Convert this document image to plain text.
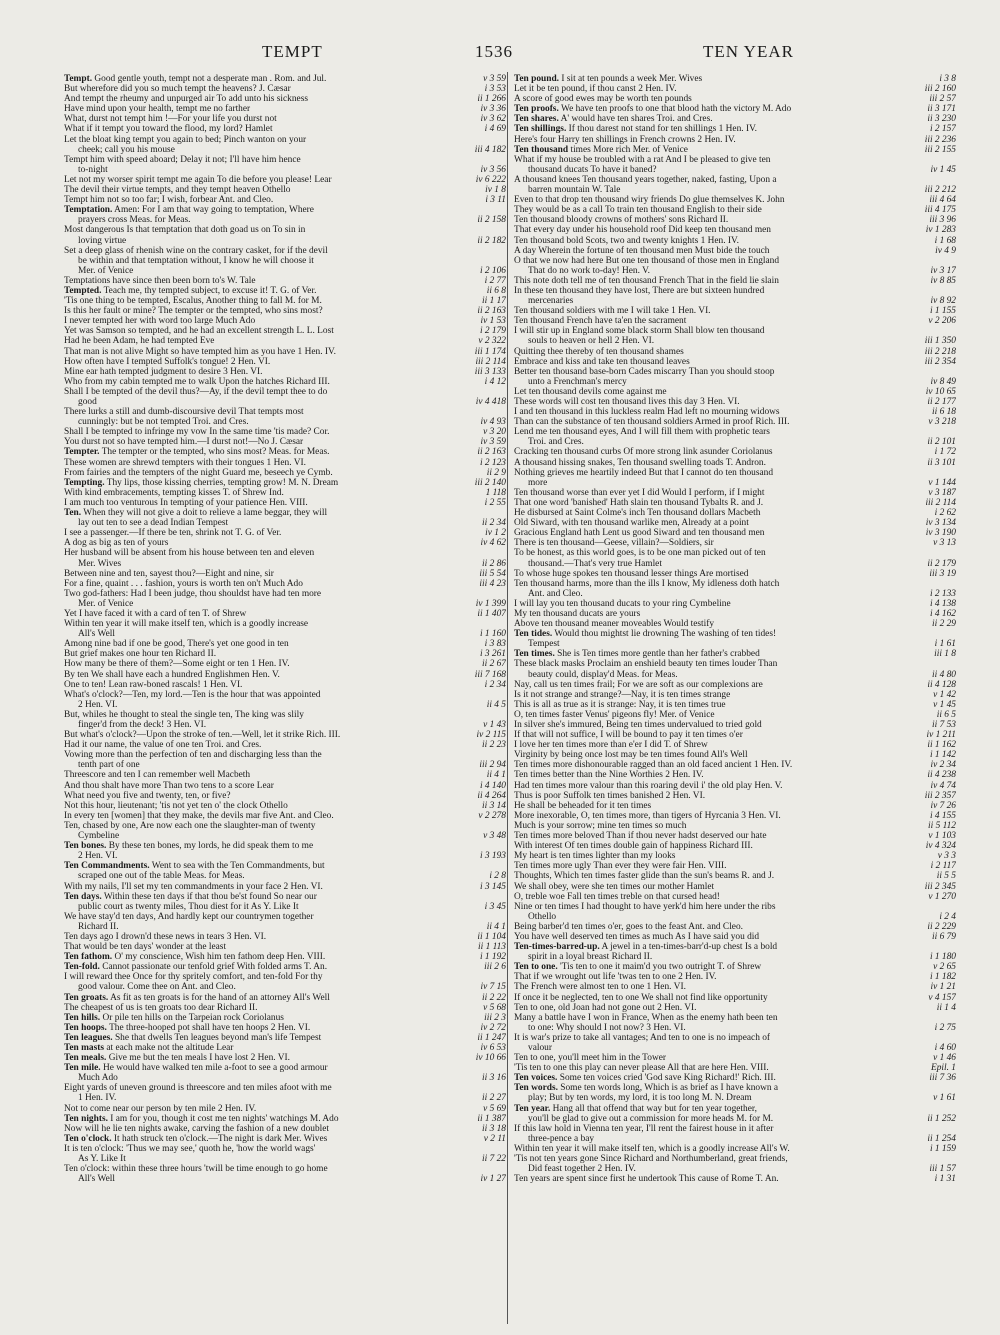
TEMPT	1536	TEN YEAR
Tempt. Good gentle youth, tempt not a desperate man . Rom. and Jul.	v 3 59
But wherefore did you so much tempt the heavens? J. Cæsar	i 3 53
And tempt the rheumy and unpurged air To add unto his sickness	ii 1 266
Have mind upon your health, tempt me no farther	iv 3 36
What, durst not tempt him !—For your life you durst not	iv 3 62
What if it tempt you toward the flood, my lord? Hamlet	i 4 69
Let the bloat king tempt you again to bed; Pinch wanton on your
cheek; call you his mouse	iii 4 182
Tempt him with speed aboard; Delay it not; I'll have him hence
to-night	iv 3 56
Let not my worser spirit tempt me again To die before you please! Lear	iv 6 222
The devil their virtue tempts, and they tempt heaven Othello	iv 1 8
Tempt him not so too far; I wish, forbear Ant. and Cleo.	i 3 11
Temptation. Amen: For I am that way going to temptation, Where
prayers cross Meas. for Meas.	ii 2 158
Most dangerous Is that temptation that doth goad us on To sin in
loving virtue	ii 2 182
Set a deep glass of rhenish wine on the contrary casket, for if the devil
be within and that temptation without, I know he will choose it
Mer. of Venice	i 2 106
Temptations have since then been born to's W. Tale	i 2 77
Tempted. Teach me, thy tempted subject, to excuse it! T. G. of Ver.	ii 6 8
'Tis one thing to be tempted, Escalus, Another thing to fall M. for M.	ii 1 17
Is this her fault or mine? The tempter or the tempted, who sins most?	ii 2 163
I never tempted her with word too large Much Ado	iv 1 53
Yet was Samson so tempted, and he had an excellent strength L. L. Lost	i 2 179
Had he been Adam, he had tempted Eve	v 2 322
That man is not alive Might so have tempted him as you have 1 Hen. IV.	iii 1 174
How often have I tempted Suffolk's tongue! 2 Hen. VI.	iii 2 114
Mine ear hath tempted judgment to desire 3 Hen. VI.	iii 3 133
Who from my cabin tempted me to walk Upon the hatches Richard III.	i 4 12
Shall I be tempted of the devil thus?—Ay, if the devil tempt thee to do
good	iv 4 418
There lurks a still and dumb-discoursive devil That tempts most
cunningly: but be not tempted Troi. and Cres.	iv 4 93
Shall I be tempted to infringe my vow In the same time 'tis made? Cor.	v 3 20
You durst not so have tempted him.—I durst not!—No J. Cæsar	iv 3 59
Tempter. The tempter or the tempted, who sins most? Meas. for Meas.	ii 2 163
These women are shrewd tempters with their tongues 1 Hen. VI.	i 2 123
From fairies and the tempters of the night Guard me, beseech ye Cymb.	ii 2 9
Tempting. Thy lips, those kissing cherries, tempting grow! M. N. Dream	iii 2 140
With kind embracements, tempting kisses T. of Shrew Ind.	1 118
I am much too venturous In tempting of your patience Hen. VIII.	i 2 55
Ten. When they will not give a doit to relieve a lame beggar, they will
lay out ten to see a dead Indian Tempest	ii 2 34
I see a passenger.—If there be ten, shrink not T. G. of Ver.	iv 1 2
A dog as big as ten of yours	iv 4 62
Her husband will be absent from his house between ten and eleven
Mer. Wives	ii 2 86
Between nine and ten, sayest thou?—Eight and nine, sir	iii 5 54
For a fine, quaint . . . fashion, yours is worth ten on't Much Ado	iii 4 23
Two god-fathers: Had I been judge, thou shouldst have had ten more
Mer. of Venice	iv 1 399
Yet I have faced it with a card of ten T. of Shrew	ii 1 407
Within ten year it will make itself ten, which is a goodly increase
All's Well	i 1 160
Among nine bad if one be good, There's yet one good in ten	i 3 83
But grief makes one hour ten Richard II.	i 3 261
How many be there of them?—Some eight or ten 1 Hen. IV.	ii 2 67
By ten We shall have each a hundred Englishmen Hen. V.	iii 7 168
One to ten! Lean raw-boned rascals! 1 Hen. VI.	i 2 34
What's o'clock?—Ten, my lord.—Ten is the hour that was appointed
2 Hen. VI.	ii 4 5
But, whiles he thought to steal the single ten, The king was slily
finger'd from the deck! 3 Hen. VI.	v 1 43
But what's o'clock?—Upon the stroke of ten.—Well, let it strike Rich. III.	iv 2 115
Had it our name, the value of one ten Troi. and Cres.	ii 2 23
Vowing more than the perfection of ten and discharging less than the
tenth part of one	iii 2 94
Threescore and ten I can remember well Macbeth	ii 4 1
And thou shalt have more Than two tens to a score Lear	i 4 140
What need you five and twenty, ten, or five?	ii 4 264
Not this hour, lieutenant; 'tis not yet ten o' the clock Othello	ii 3 14
In every ten [women] that they make, the devils mar five Ant. and Cleo.	v 2 278
Ten, chased by one, Are now each one the slaughter-man of twenty
Cymbeline	v 3 48
Ten bones. By these ten bones, my lords, he did speak them to me
2 Hen. VI.	i 3 193
Ten Commandments. Went to sea with the Ten Commandments, but
scraped one out of the table Meas. for Meas.	i 2 8
With my nails, I'll set my ten commandments in your face 2 Hen. VI.	i 3 145
Ten days. Within these ten days if that thou be'st found So near our
public court as twenty miles, Thou diest for it As Y. Like It	i 3 45
We have stay'd ten days, And hardly kept our countrymen together
Richard II.	ii 4 1
Ten days ago I drown'd these news in tears 3 Hen. VI.	ii 1 104
That would be ten days' wonder at the least	ii 1 113
Ten fathom. O' my conscience, Wish him ten fathom deep Hen. VIII.	i 1 192
Ten-fold. Cannot passionate our tenfold grief With folded arms T. An.	iii 2 6
I will reward thee Once for thy spritely comfort, and ten-fold For thy
good valour. Come thee on Ant. and Cleo.	iv 7 15
Ten groats. As fit as ten groats is for the hand of an attorney All's Well	ii 2 22
The cheapest of us is ten groats too dear Richard II.	v 5 68
Ten hills. Or pile ten hills on the Tarpeian rock Coriolanus	iii 2 3
Ten hoops. The three-hooped pot shall have ten hoops 2 Hen. VI.	iv 2 72
Ten leagues. She that dwells Ten leagues beyond man's life Tempest	ii 1 247
Ten masts at each make not the altitude Lear	iv 6 53
Ten meals. Give me but the ten meals I have lost 2 Hen. VI.	iv 10 66
Ten mile. He would have walked ten mile a-foot to see a good armour
Much Ado	ii 3 16
Eight yards of uneven ground is threescore and ten miles afoot with me
1 Hen. IV.	ii 2 27
Not to come near our person by ten mile 2 Hen. IV.	v 5 69
Ten nights. I am for you, though it cost me ten nights' watchings M. Ado	ii 1 387
Now will he lie ten nights awake, carving the fashion of a new doublet	ii 3 18
Ten o'clock. It hath struck ten o'clock.—The night is dark Mer. Wives	v 2 11
It is ten o'clock: 'Thus we may see,' quoth he, 'how the world wags'
As Y. Like It	ii 7 22
Ten o'clock: within these three hours 'twill be time enough to go home
All's Well	iv 1 27
Ten pound. I sit at ten pounds a week Mer. Wives	i 3 8
Let it be ten pound, if thou canst 2 Hen. IV.	iii 2 160
A score of good ewes may be worth ten pounds	iii 2 57
Ten proofs. We have ten proofs to one that blood hath the victory M. Ado	ii 3 171
Ten shares. A' would have ten shares Troi. and Cres.	ii 3 230
Ten shillings. If thou darest not stand for ten shillings 1 Hen. IV.	i 2 157
Here's four Harry ten shillings in French crowns 2 Hen. IV.	iii 2 236
Ten thousand times More rich Mer. of Venice	iii 2 155
What if my house be troubled with a rat And I be pleased to give ten
thousand ducats To have it baned?	iv 1 45
A thousand knees Ten thousand years together, naked, fasting, Upon a
barren mountain W. Tale	iii 2 212
Even to that drop ten thousand wiry friends Do glue themselves K. John	iii 4 64
They would be as a call To train ten thousand English to their side	iii 4 175
Ten thousand bloody crowns of mothers' sons Richard II.	iii 3 96
That every day under his household roof Did keep ten thousand men	iv 1 283
Ten thousand bold Scots, two and twenty knights 1 Hen. IV.	i 1 68
A day Wherein the fortune of ten thousand men Must bide the touch	iv 4 9
O that we now had here But one ten thousand of those men in England
That do no work to-day! Hen. V.	iv 3 17
This note doth tell me of ten thousand French That in the field lie slain	iv 8 85
In these ten thousand they have lost, There are but sixteen hundred
mercenaries	iv 8 92
Ten thousand soldiers with me I will take 1 Hen. VI.	i 1 155
Ten thousand French have ta'en the sacrament	v 2 206
I will stir up in England some black storm Shall blow ten thousand
souls to heaven or hell 2 Hen. VI.	iii 1 350
Quitting thee thereby of ten thousand shames	iii 2 218
Embrace and kiss and take ten thousand leaves	iii 2 354
Better ten thousand base-born Cades miscarry Than you should stoop
unto a Frenchman's mercy	iv 8 49
Let ten thousand devils come against me	iv 10 65
These words will cost ten thousand lives this day 3 Hen. VI.	ii 2 177
I and ten thousand in this luckless realm Had left no mourning widows	ii 6 18
Than can the substance of ten thousand soldiers Armed in proof Rich. III.	v 3 218
Lend me ten thousand eyes, And I will fill them with prophetic tears
Troi. and Cres.	ii 2 101
Cracking ten thousand curbs Of more strong link asunder Coriolanus	i 1 72
A thousand hissing snakes, Ten thousand swelling toads T. Andron.	ii 3 101
Nothing grieves me heartily indeed But that I cannot do ten thousand
more	v 1 144
Ten thousand worse than ever yet I did Would I perform, if I might	v 3 187
That one word 'banished' Hath slain ten thousand Tybalts R. and J.	iii 2 114
He disbursed at Saint Colme's inch Ten thousand dollars Macbeth	i 2 62
Old Siward, with ten thousand warlike men, Already at a point	iv 3 134
Gracious England hath Lent us good Siward and ten thousand men	iv 3 190
There is ten thousand—Geese, villain?—Soldiers, sir	v 3 13
To be honest, as this world goes, is to be one man picked out of ten
thousand.—That's very true Hamlet	ii 2 179
To whose huge spokes ten thousand lesser things Are mortised	iii 3 19
Ten thousand harms, more than the ills I know, My idleness doth hatch
Ant. and Cleo.	i 2 133
I will lay you ten thousand ducats to your ring Cymbeline	i 4 138
My ten thousand ducats are yours	i 4 162
Above ten thousand meaner moveables Would testify	ii 2 29
Ten tides. Would thou mightst lie drowning The washing of ten tides!
Tempest	i 1 61
Ten times. She is Ten times more gentle than her father's crabbed	iii 1 8
These black masks Proclaim an enshield beauty ten times louder Than
beauty could, display'd Meas. for Meas.	ii 4 80
Nay, call us ten times frail; For we are soft as our complexions are	ii 4 128
Is it not strange and strange?—Nay, it is ten times strange	v 1 42
This is all as true as it is strange: Nay, it is ten times true	v 1 45
O, ten times faster Venus' pigeons fly! Mer. of Venice	ii 6 5
In silver she's immured, Being ten times undervalued to tried gold	ii 7 53
If that will not suffice, I will be bound to pay it ten times o'er	iv 1 211
I love her ten times more than e'er I did T. of Shrew	ii 1 162
Virginity by being once lost may be ten times found All's Well	i 1 142
Ten times more dishonourable ragged than an old faced ancient 1 Hen. IV.	iv 2 34
Ten times better than the Nine Worthies 2 Hen. IV.	ii 4 238
Had ten times more valour than this roaring devil i' the old play Hen. V.	iv 4 74
Thus is poor Suffolk ten times banished 2 Hen. VI.	iii 2 357
He shall be beheaded for it ten times	iv 7 26
More inexorable, O, ten times more, than tigers of Hyrcania 3 Hen. VI.	i 4 155
Much is your sorrow; mine ten times so much	ii 5 112
Ten times more beloved Than if thou never hadst deserved our hate	v 1 103
With interest Of ten times double gain of happiness Richard III.	iv 4 324
My heart is ten times lighter than my looks	v 3 3
Ten times more ugly Than ever they were fair Hen. VIII.	i 2 117
Thoughts, Which ten times faster glide than the sun's beams R. and J.	ii 5 5
We shall obey, were she ten times our mother Hamlet	iii 2 345
O, treble woe Fall ten times treble on that cursed head!	v 1 270
Nine or ten times I had thought to have yerk'd him here under the ribs
Othello	i 2 4
Being barber'd ten times o'er, goes to the feast Ant. and Cleo.	ii 2 229
You have well deserved ten times as much As I have said you did	ii 6 79
Ten-times-barred-up. A jewel in a ten-times-barr'd-up chest Is a bold
spirit in a loyal breast Richard II.	i 1 180
Ten to one. 'Tis ten to one it maim'd you two outright T. of Shrew	v 2 65
That if we wrought out life 'twas ten to one 2 Hen. IV.	i 1 182
The French were almost ten to one 1 Hen. VI.	iv 1 21
If once it be neglected, ten to one We shall not find like opportunity	v 4 157
Ten to one, old Joan had not gone out 2 Hen. VI.	ii 1 4
Many a battle have I won in France, When as the enemy hath been ten
to one: Why should I not now? 3 Hen. VI.	i 2 75
It is war's prize to take all vantages; And ten to one is no impeach of
valour	i 4 60
Ten to one, you'll meet him in the Tower	v 1 46
'Tis ten to one this play can never please All that are here Hen. VIII.	Epil. 1
Ten voices. Some ten voices cried 'God save King Richard!' Rich. III.	iii 7 36
Ten words. Some ten words long, Which is as brief as I have known a
play; But by ten words, my lord, it is too long M. N. Dream	v 1 61
Ten year. Hang all that offend that way but for ten year together,
you'll be glad to give out a commission for more heads M. for M.	ii 1 252
If this law hold in Vienna ten year, I'll rent the fairest house in it after
three-pence a bay	ii 1 254
Within ten year it will make itself ten, which is a goodly increase All's W.	i 1 159
'Tis not ten years gone Since Richard and Northumberland, great friends,
Did feast together 2 Hen. IV.	iii 1 57
Ten years are spent since first he undertook This cause of Rome T. An.	i 1 31
